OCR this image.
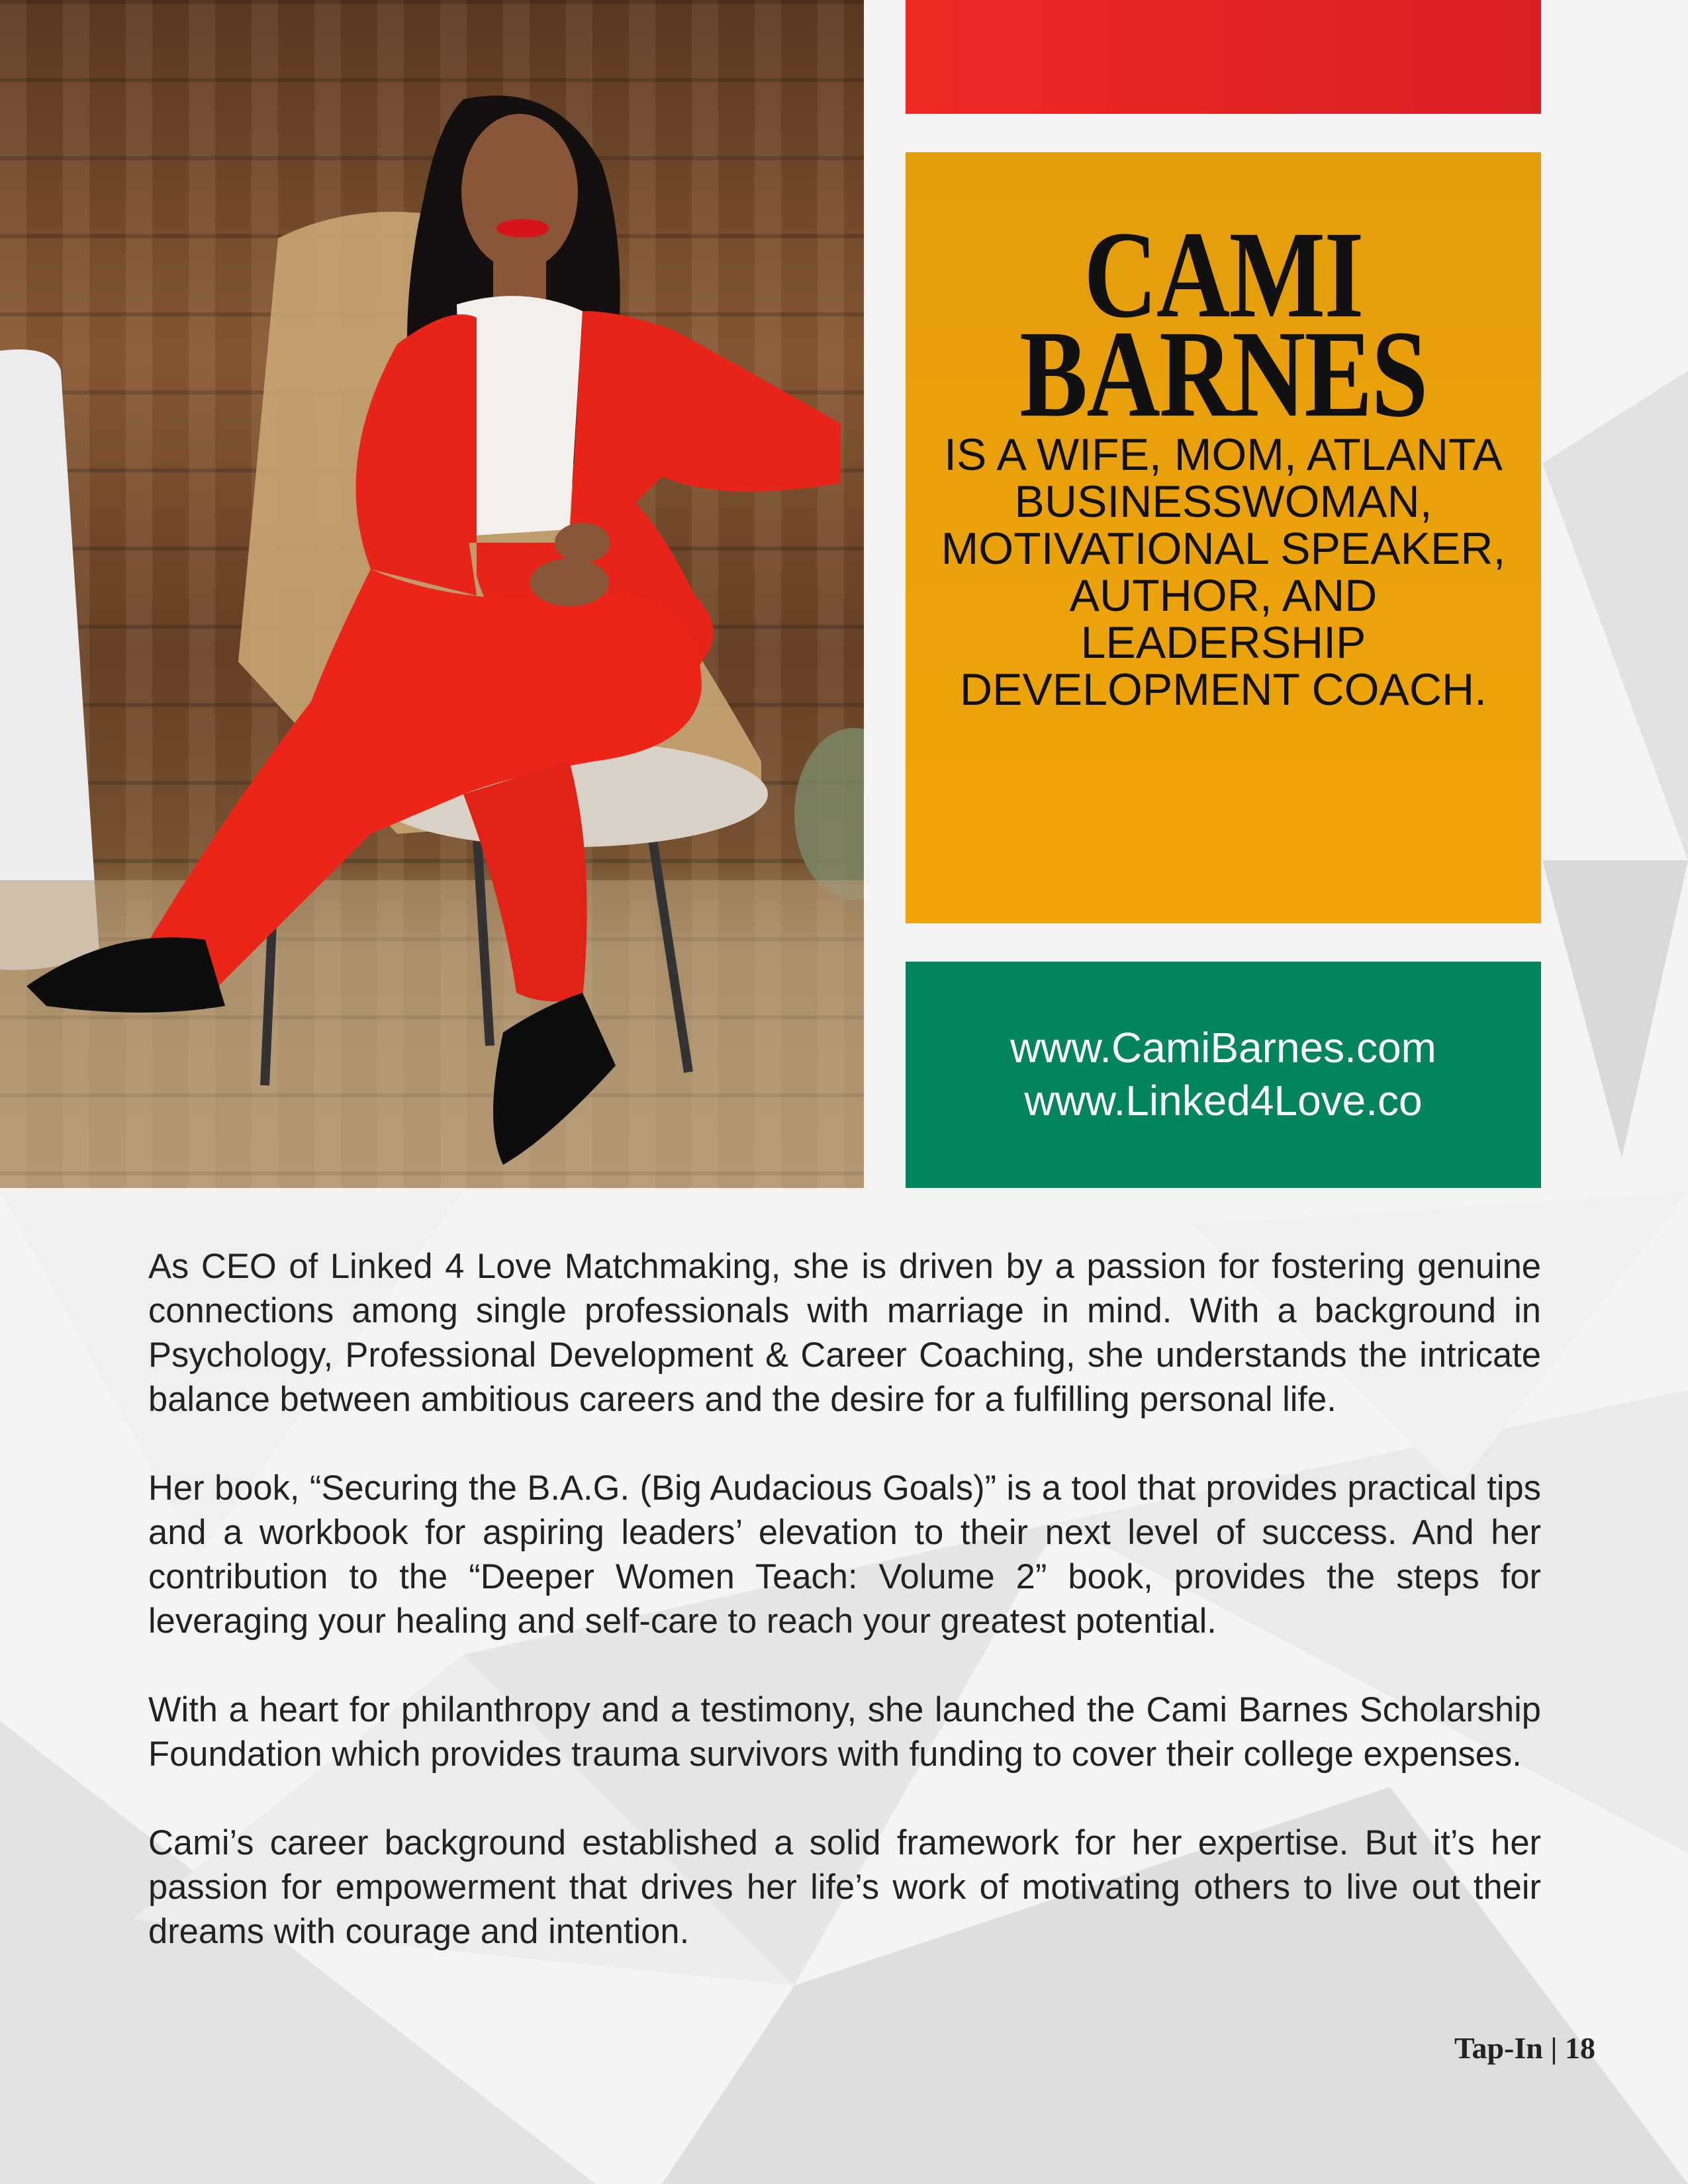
CAMI
BARNES
IS A WIFE, MOM, ATLANTA BUSINESSWOMAN, MOTIVATIONAL SPEAKER, AUTHOR, AND LEADERSHIP DEVELOPMENT COACH.
www.CamiBarnes.com
www.Linked4Love.co

As CEO of Linked 4 Love Matchmaking, she is driven by a passion for fostering genuine connections among single professionals with marriage in mind. With a background in Psychology, Professional Development & Career Coaching, she understands the intricate balance between ambitious careers and the desire for a fulfilling personal life.

Her book, “Securing the B.A.G. (Big Audacious Goals)” is a tool that provides practical tips and a workbook for aspiring leaders’ elevation to their next level of success. And her contribution to the “Deeper Women Teach: Volume 2” book, provides the steps for leveraging your healing and self-care to reach your greatest potential.

With a heart for philanthropy and a testimony, she launched the Cami Barnes Scholarship Foundation which provides trauma survivors with funding to cover their college expenses.

Cami’s career background established a solid framework for her expertise. But it’s her passion for empowerment that drives her life’s work of motivating others to live out their dreams with courage and intention.

Tap-In | 18
